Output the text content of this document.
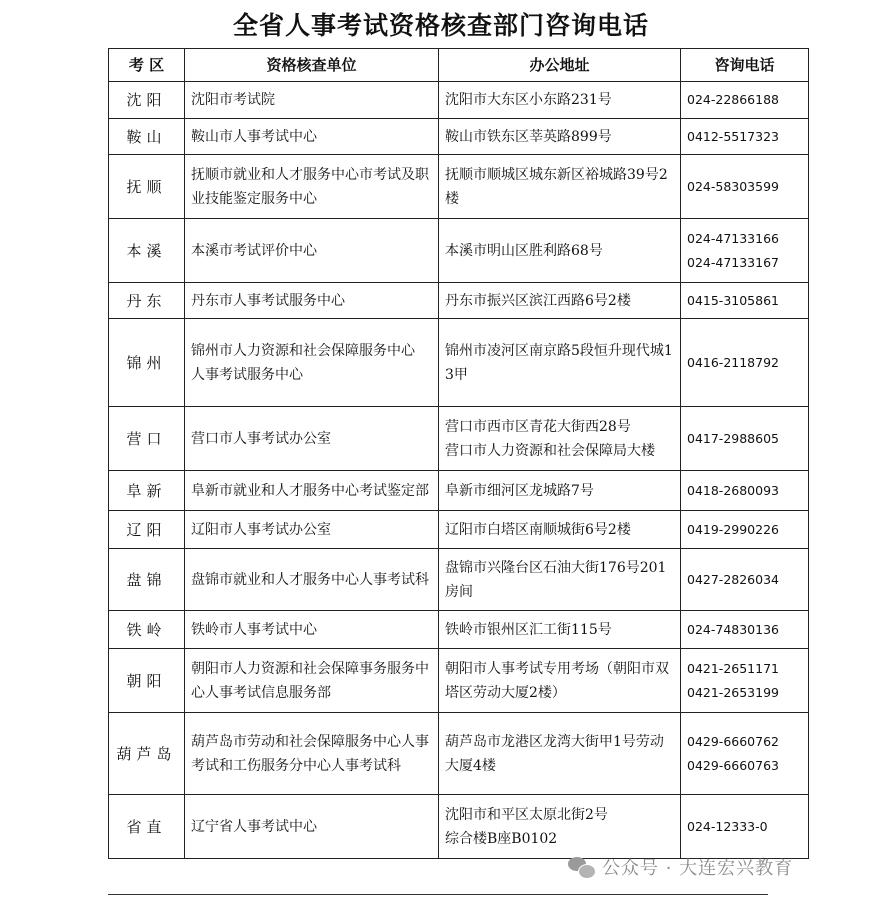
全省人事考试资格核查部门咨询电话
考 区	资格核查单位	办公地址	咨询电话
沈阳	沈阳市考试院	沈阳市大东区小东路231号	024-22866188

鞍山	鞍山市人事考试中心	鞍山市铁东区莘英路899号	0412-5517323

抚顺	抚顺市就业和人才服务中心市考试及职业技能鉴定服务中心	抚顺市顺城区城东新区裕城路39号2楼	024-58303599

本溪	本溪市考试评价中心	本溪市明山区胜利路68号	024-47133166
024-47133167

丹东	丹东市人事考试服务中心	丹东市振兴区滨江西路6号2楼	0415-3105861

锦州	锦州市人力资源和社会保障服务中心
人事考试服务中心	锦州市凌河区南京路5段恒升现代城13甲	0416-2118792

营口	营口市人事考试办公室	营口市西市区青花大街西28号
营口市人力资源和社会保障局大楼	0417-2988605

阜新	阜新市就业和人才服务中心考试鉴定部	阜新市细河区龙城路7号	0418-2680093

辽阳	辽阳市人事考试办公室	辽阳市白塔区南顺城街6号2楼	0419-2990226

盘锦	盘锦市就业和人才服务中心人事考试科	盘锦市兴隆台区石油大街176号201房间	0427-2826034

铁岭	铁岭市人事考试中心	铁岭市银州区汇工街115号	024-74830136

朝阳	朝阳市人力资源和社会保障事务服务中心人事考试信息服务部	朝阳市人事考试专用考场（朝阳市双塔区劳动大厦2楼）	0421-2651171
0421-2653199

葫芦岛	葫芦岛市劳动和社会保障服务中心人事考试和工伤服务分中心人事考试科	葫芦岛市龙港区龙湾大街甲1号劳动大厦4楼	0429-6660762
0429-6660763

省直	辽宁省人事考试中心	沈阳市和平区太原北街2号
综合楼B座B0102	024-12333-0
公众号 · 大连宏兴教育
